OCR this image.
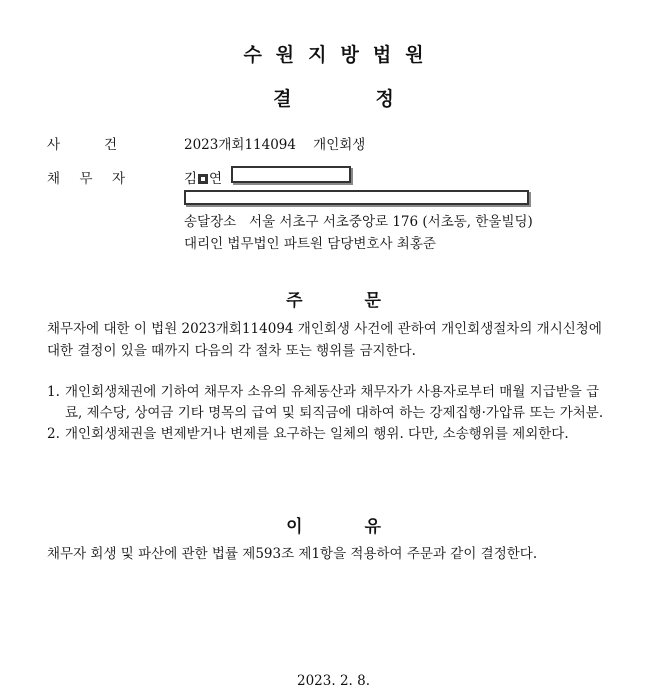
수원지방법원
결정
사	건	2023개회114094 개인회생
채 무 자	김 연
송달장소 서울 서초구 서초중앙로 176 (서초동, 한울빌딩)
대리인 법무법인 파트원 담당변호사 최홍준
주문
채무자에 대한 이 법원 2023개회114094 개인회생 사건에 관하여 개인회생절차의 개시신청에 대한 결정이 있을 때까지 다음의 각 절차 또는 행위를 금지한다.
1. 개인회생채권에 기하여 채무자 소유의 유체동산과 채무자가 사용자로부터 매월 지급받을 급료, 제수당, 상여금 기타 명목의 급여 및 퇴직금에 대하여 하는 강제집행·가압류 또는 가처분.
2. 개인회생채권을 변제받거나 변제를 요구하는 일체의 행위. 다만, 소송행위를 제외한다.
이유
채무자 회생 및 파산에 관한 법률 제593조 제1항을 적용하여 주문과 같이 결정한다.
2023. 2. 8.
